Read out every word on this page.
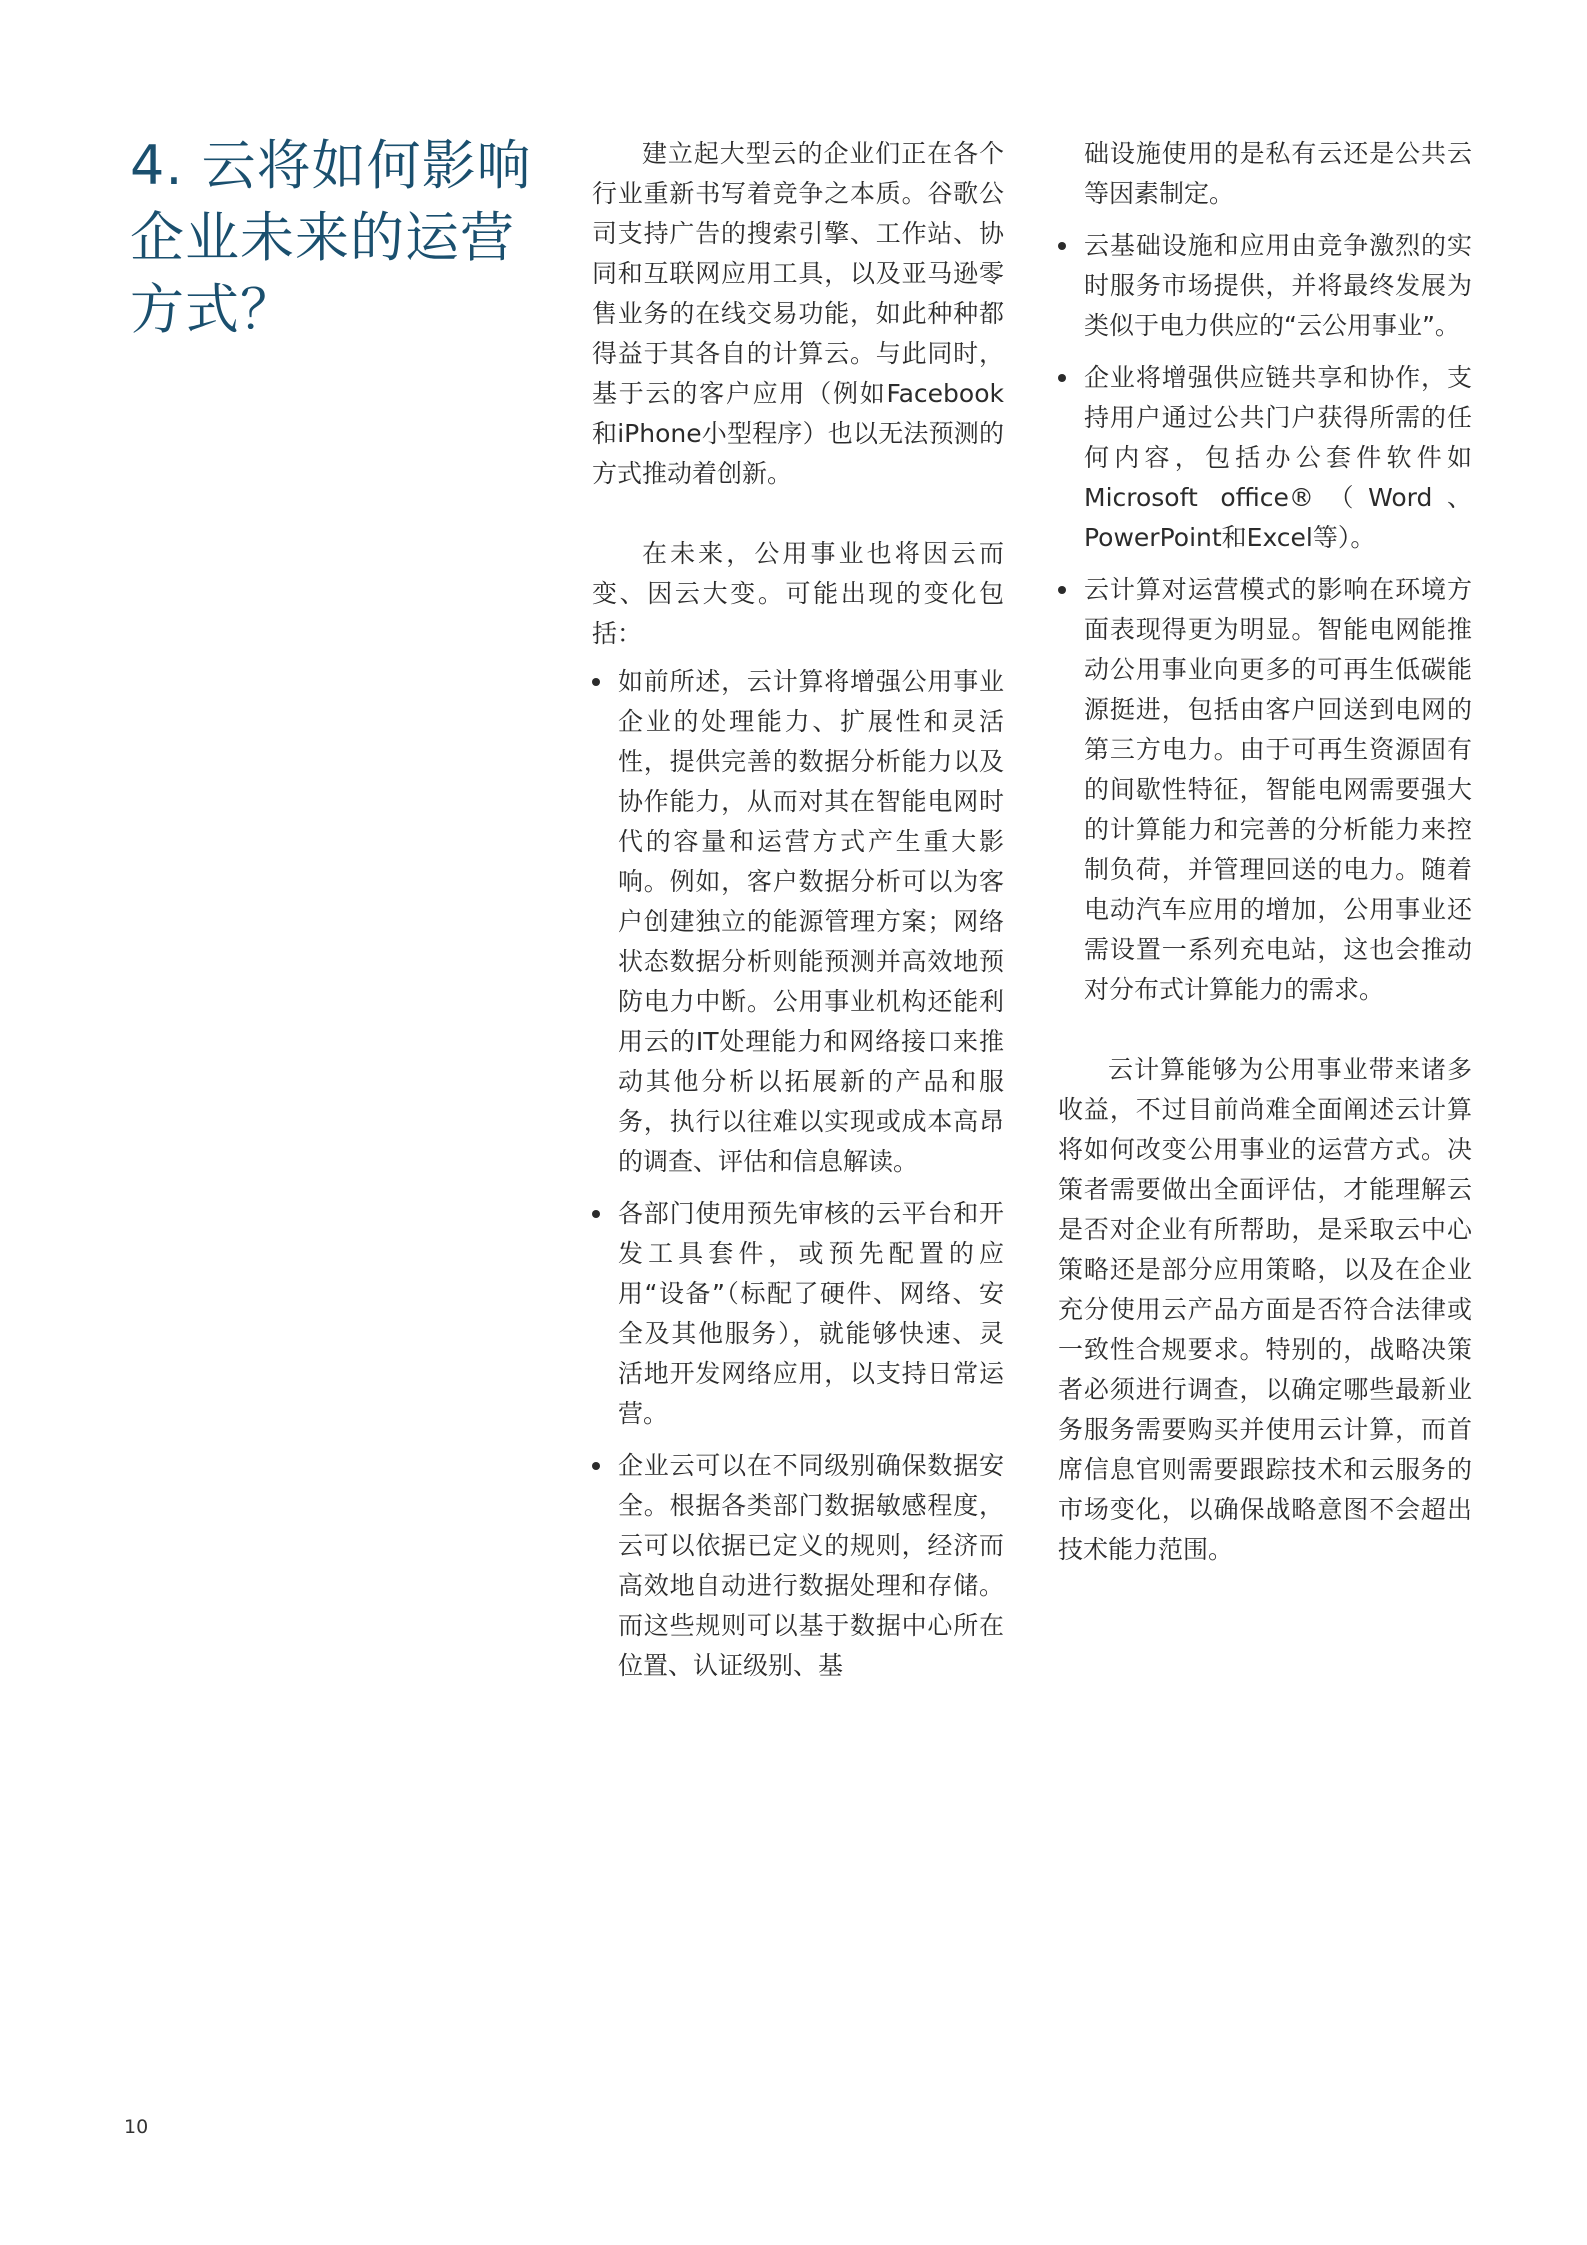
4. 云将如何影响
企业未来的运营
方式？

建立起大型云的企业们正在各个行业重新书写着竞争之本质。谷歌公司支持广告的搜索引擎、工作站、协同和互联网应用工具，以及亚马逊零售业务的在线交易功能，如此种种都得益于其各自的计算云。与此同时，基于云的客户应用（例如Facebook和iPhone小型程序）也以无法预测的方式推动着创新。

在未来，公用事业也将因云而变、因云大变。可能出现的变化包括：

如前所述，云计算将增强公用事业企业的处理能力、扩展性和灵活性，提供完善的数据分析能力以及协作能力，从而对其在智能电网时代的容量和运营方式产生重大影响。例如，客户数据分析可以为客户创建独立的能源管理方案；网络状态数据分析则能预测并高效地预防电力中断。公用事业机构还能利用云的IT处理能力和网络接口来推动其他分析以拓展新的产品和服务，执行以往难以实现或成本高昂的调查、评估和信息解读。
各部门使用预先审核的云平台和开发工具套件，或预先配置的应用“设备”（标配了硬件、网络、安全及其他服务），就能够快速、灵活地开发网络应用，以支持日常运营。
企业云可以在不同级别确保数据安全。根据各类部门数据敏感程度，云可以依据已定义的规则，经济而高效地自动进行数据处理和存储。而这些规则可以基于数据中心所在位置、认证级别、基
础设施使用的是私有云还是公共云等因素制定。
云基础设施和应用由竞争激烈的实时服务市场提供，并将最终发展为类似于电力供应的“云公用事业”。
企业将增强供应链共享和协作，支持用户通过公共门户获得所需的任何内容，包括办公套件软件如Microsoft office®（Word、PowerPoint和Excel等）。
云计算对运营模式的影响在环境方面表现得更为明显。智能电网能推动公用事业向更多的可再生低碳能源挺进，包括由客户回送到电网的第三方电力。由于可再生资源固有的间歇性特征，智能电网需要强大的计算能力和完善的分析能力来控制负荷，并管理回送的电力。随着电动汽车应用的增加，公用事业还需设置一系列充电站，这也会推动对分布式计算能力的需求。

云计算能够为公用事业带来诸多收益，不过目前尚难全面阐述云计算将如何改变公用事业的运营方式。决策者需要做出全面评估，才能理解云是否对企业有所帮助，是采取云中心策略还是部分应用策略，以及在企业充分使用云产品方面是否符合法律或一致性合规要求。特别的，战略决策者必须进行调查，以确定哪些最新业务服务需要购买并使用云计算，而首席信息官则需要跟踪技术和云服务的市场变化，以确保战略意图不会超出技术能力范围。

10
